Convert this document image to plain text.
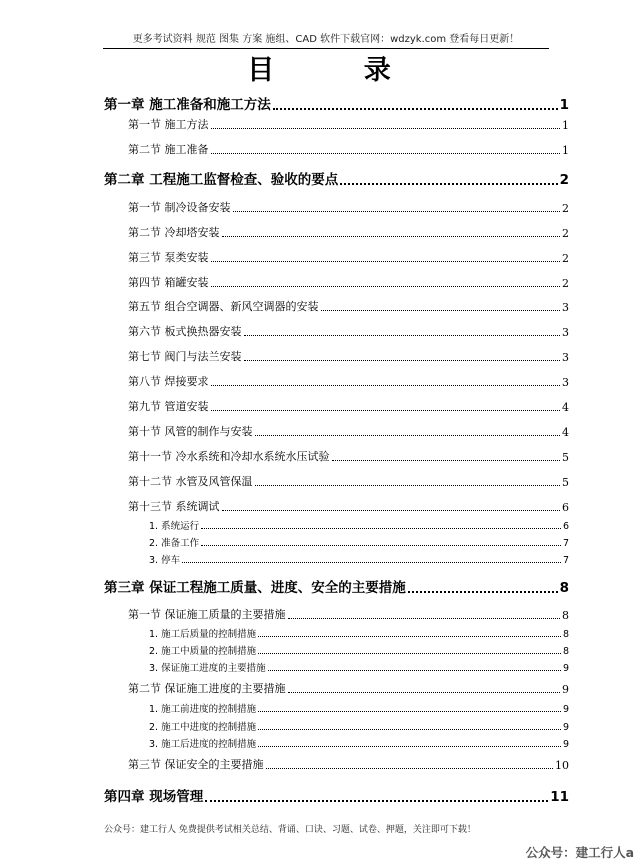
更多考试资料 规范 图集 方案 施组、CAD 软件下载官网：wdzyk.com 登看每日更新！
目 录
第一章 施工准备和施工方法	1
第一节 施工方法	1
第二节 施工准备	1
第二章 工程施工监督检查、验收的要点	2
第一节 制冷设备安装	2
第二节 冷却塔安装	2
第三节 泵类安装	2
第四节 箱罐安装	2
第五节 组合空调器、新风空调器的安装	3
第六节 板式换热器安装	3
第七节 阀门与法兰安装	3
第八节 焊接要求	3
第九节 管道安装	4
第十节 风管的制作与安装	4
第十一节 冷水系统和冷却水系统水压试验	5
第十二节 水管及风管保温	5
第十三节 系统调试	6
1. 系统运行	6
2. 准备工作	7
3. 停车	7
第三章 保证工程施工质量、进度、安全的主要措施	8
第一节 保证施工质量的主要措施	8
1. 施工后质量的控制措施	8
2. 施工中质量的控制措施	8
3. 保证施工进度的主要措施	9
第二节 保证施工进度的主要措施	9
1. 施工前进度的控制措施	9
2. 施工中进度的控制措施	9
3. 施工后进度的控制措施	9
第三节 保证安全的主要措施	10
第四章 现场管理	11
公众号：建工行人 免费提供考试相关总结、背诵、口诀、习题、试卷、押题，关注即可下载！
公众号：建工行人a
